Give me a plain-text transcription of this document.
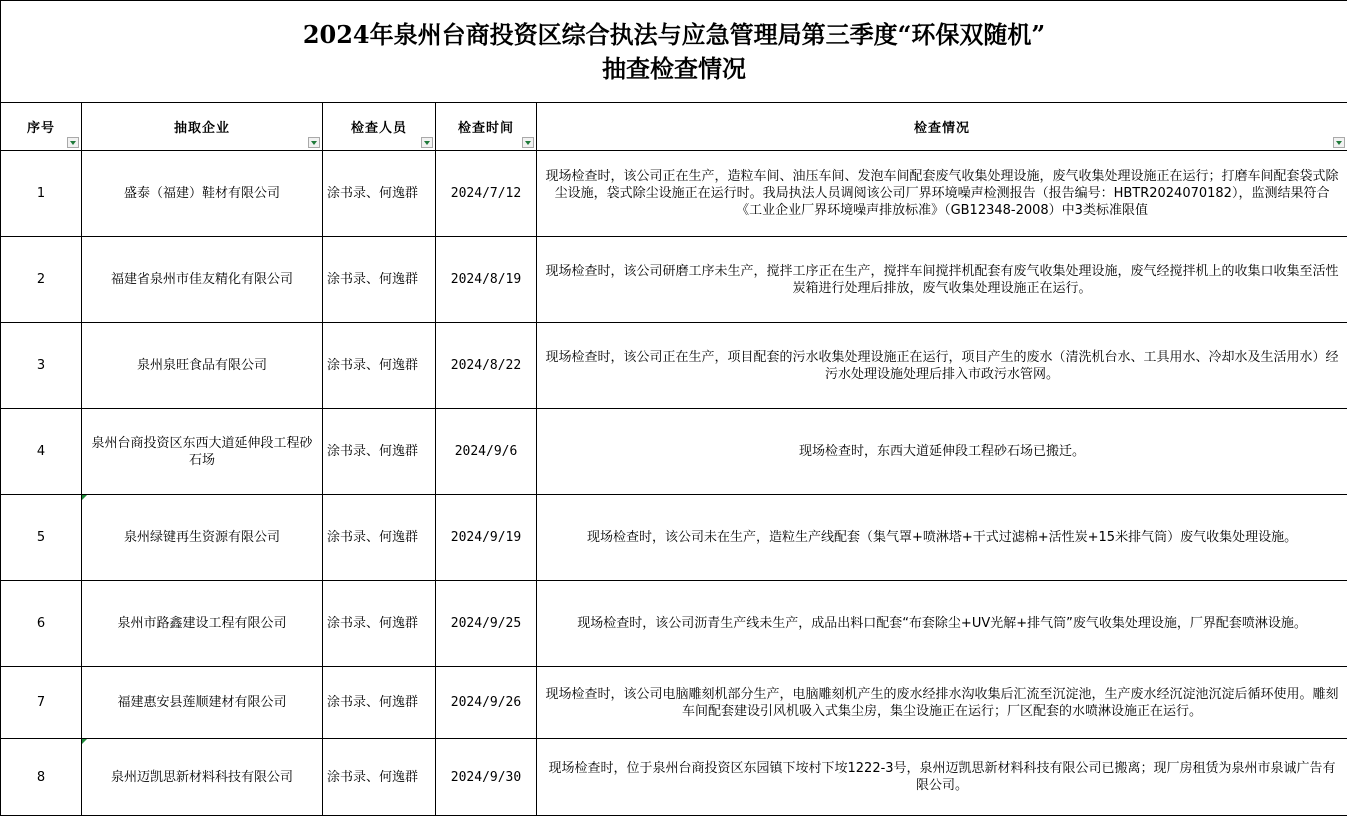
2024年泉州台商投资区综合执法与应急管理局第三季度“环保双随机”
抽查检查情况				

序号	抽取企业	检查人员	检查时间	检查情况

1	盛泰（福建）鞋材有限公司	涂书录、何逸群	2024/7/12	现场检查时，该公司正在生产，造粒车间、油压车间、发泡车间配套废气收集处理设施，废气收集处理设施正在运行；打磨车间配套袋式除尘设施，袋式除尘设施正在运行时。我局执法人员调阅该公司厂界环境噪声检测报告（报告编号：HBTR2024070182），监测结果符合《工业企业厂界环境噪声排放标准》（GB12348-2008）中3类标准限值
2	福建省泉州市佳友精化有限公司	涂书录、何逸群	2024/8/19	现场检查时，该公司研磨工序未生产，搅拌工序正在生产，搅拌车间搅拌机配套有废气收集处理设施，废气经搅拌机上的收集口收集至活性炭箱进行处理后排放，废气收集处理设施正在运行。
3	泉州泉旺食品有限公司	涂书录、何逸群	2024/8/22	现场检查时，该公司正在生产，项目配套的污水收集处理设施正在运行，项目产生的废水（清洗机台水、工具用水、冷却水及生活用水）经污水处理设施处理后排入市政污水管网。
4	泉州台商投资区东西大道延伸段工程砂石场	涂书录、何逸群	2024/9/6	现场检查时，东西大道延伸段工程砂石场已搬迁。
5	泉州绿键再生资源有限公司	涂书录、何逸群	2024/9/19	现场检查时，该公司未在生产，造粒生产线配套（集气罩+喷淋塔+干式过滤棉+活性炭+15米排气筒）废气收集处理设施。
6	泉州市路鑫建设工程有限公司	涂书录、何逸群	2024/9/25	现场检查时，该公司沥青生产线未生产，成品出料口配套“布套除尘+UV光解+排气筒”废气收集处理设施，厂界配套喷淋设施。
7	福建惠安县莲顺建材有限公司	涂书录、何逸群	2024/9/26	现场检查时，该公司电脑雕刻机部分生产，电脑雕刻机产生的废水经排水沟收集后汇流至沉淀池，生产废水经沉淀池沉淀后循环使用。雕刻车间配套建设引风机吸入式集尘房，集尘设施正在运行；厂区配套的水喷淋设施正在运行。
8	泉州迈凯思新材料科技有限公司	涂书录、何逸群	2024/9/30	现场检查时，位于泉州台商投资区东园镇下垵村下垵1222-3号，泉州迈凯思新材料科技有限公司已搬离；现厂房租赁为泉州市泉诚广告有限公司。
